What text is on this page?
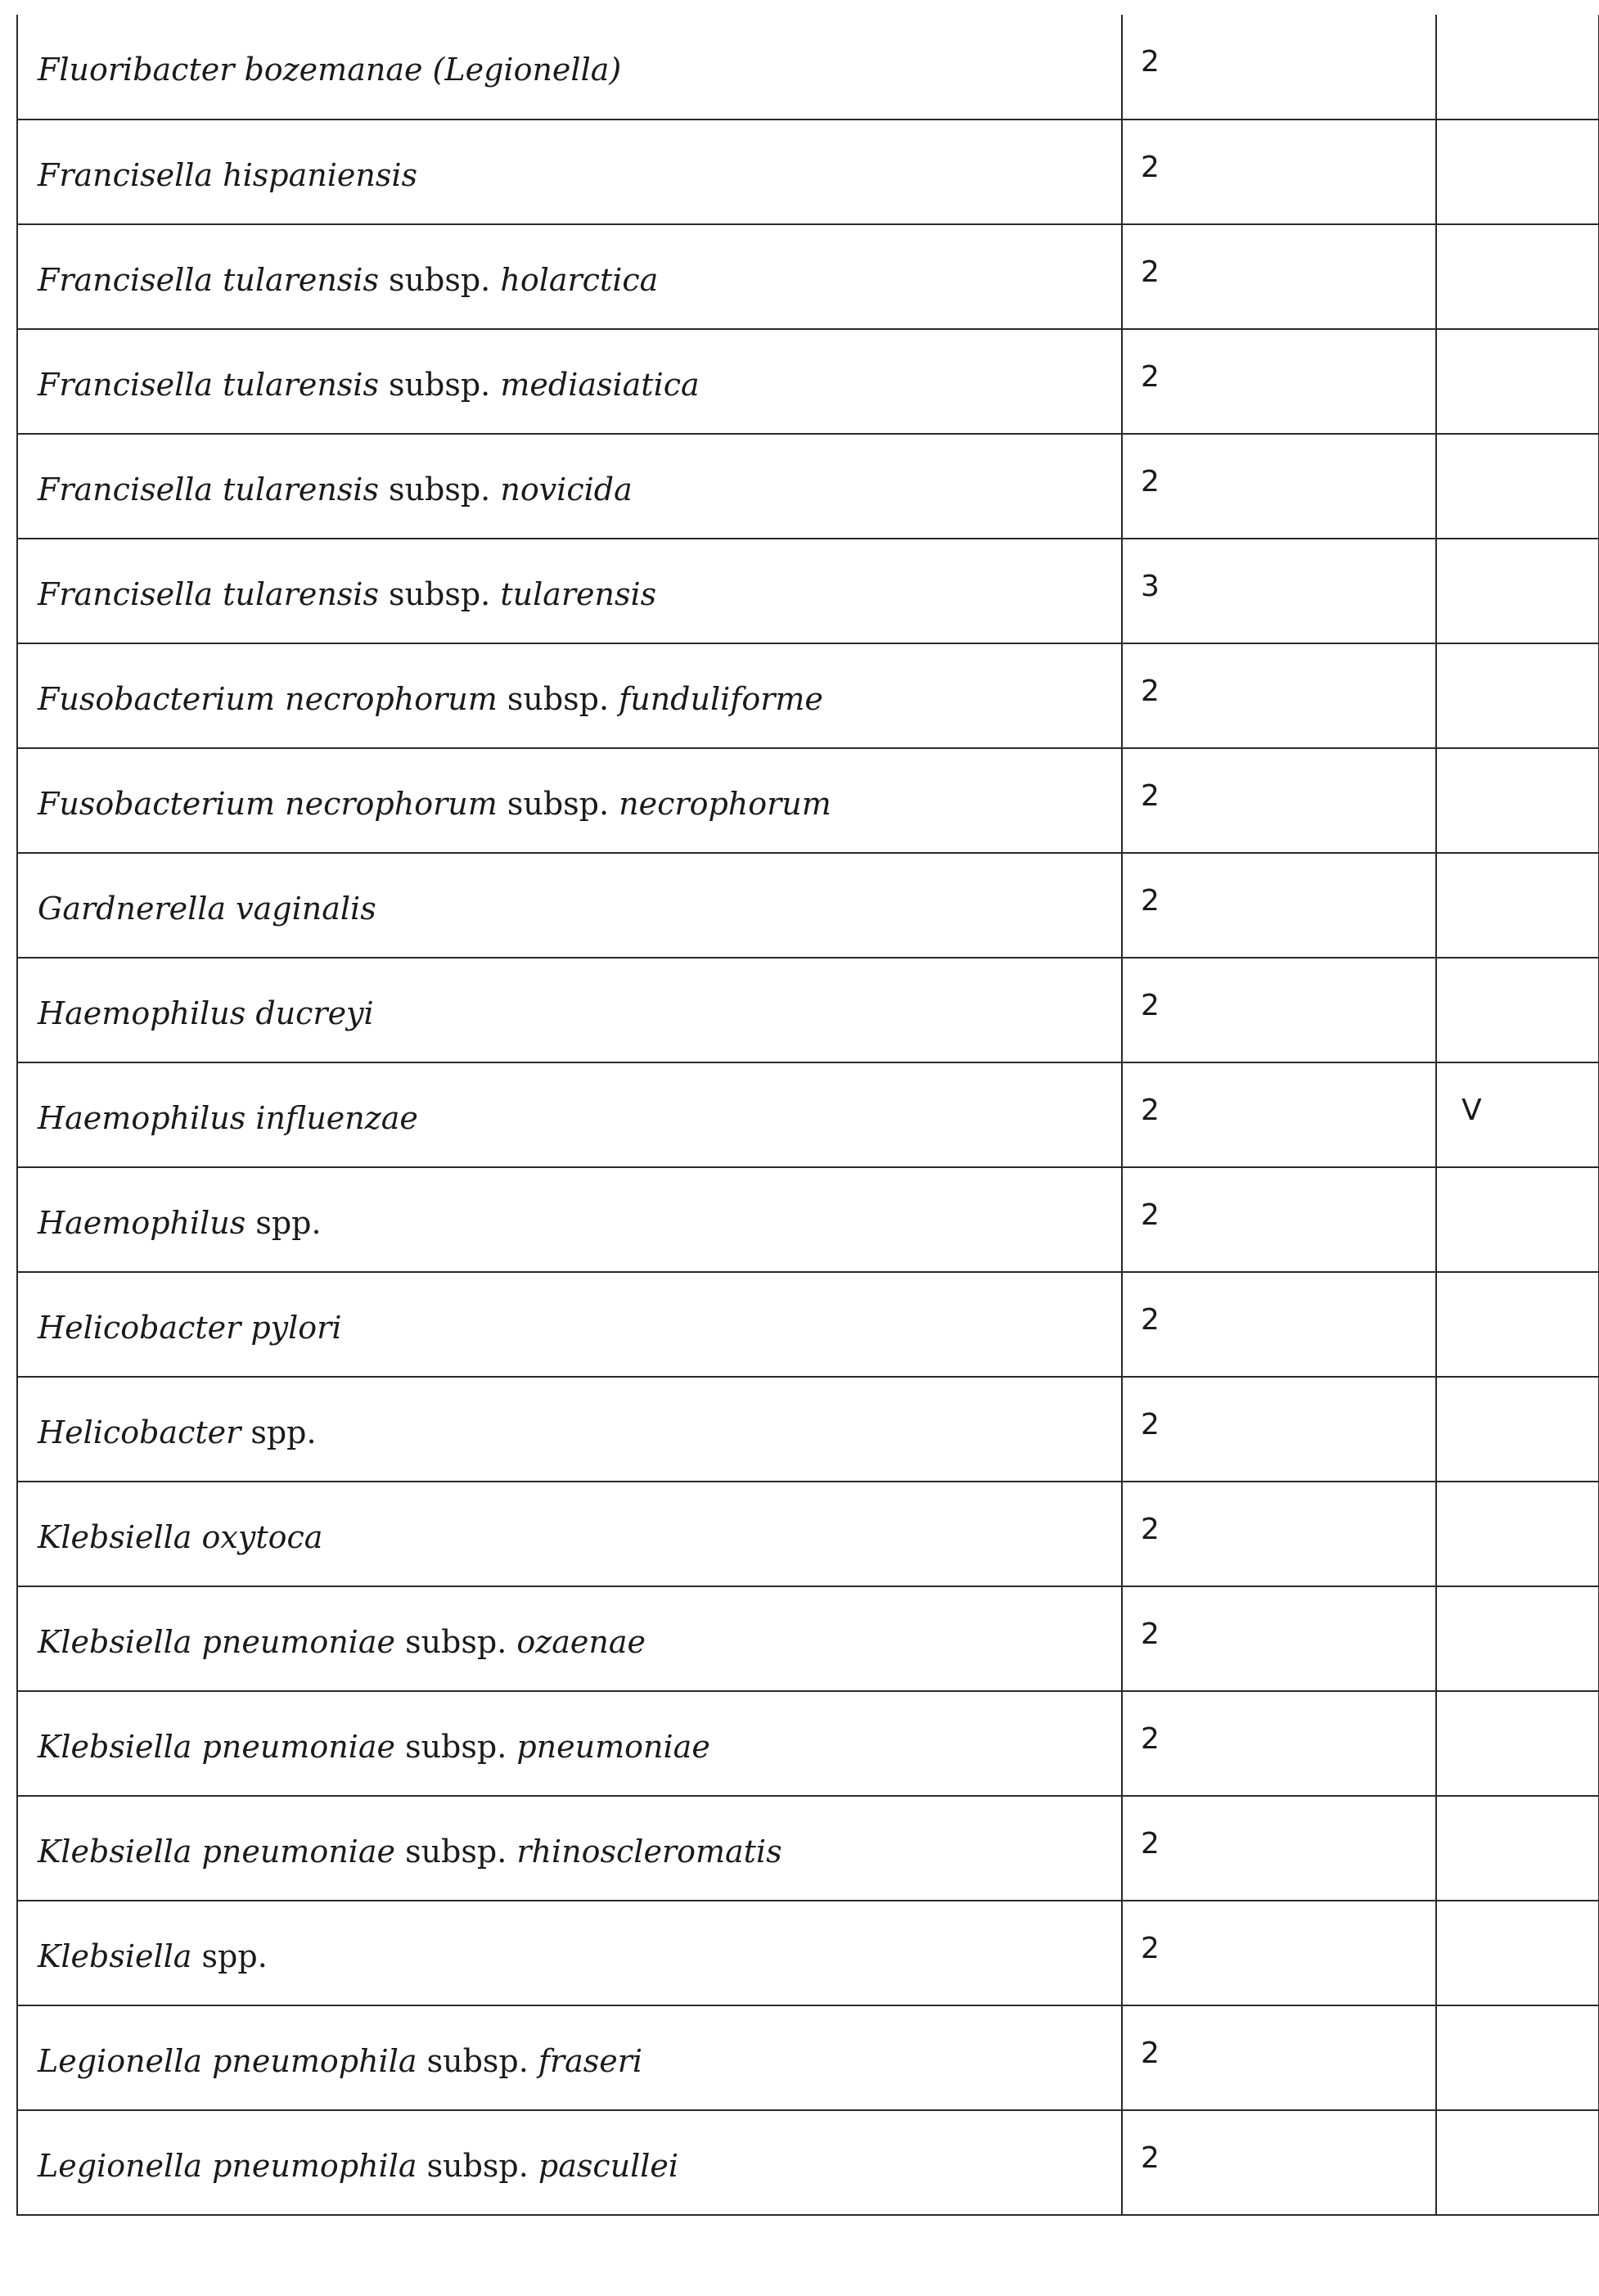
Fluoribacter bozemanae (Legionella)	2	
Francisella hispaniensis	2	
Francisella tularensis subsp. holarctica	2	
Francisella tularensis subsp. mediasiatica	2	
Francisella tularensis subsp. novicida	2	
Francisella tularensis subsp. tularensis	3	
Fusobacterium necrophorum subsp. funduliforme	2	
Fusobacterium necrophorum subsp. necrophorum	2	
Gardnerella vaginalis	2	
Haemophilus ducreyi	2	
Haemophilus influenzae	2	V
Haemophilus spp.	2	
Helicobacter pylori	2	
Helicobacter spp.	2	
Klebsiella oxytoca	2	
Klebsiella pneumoniae subsp. ozaenae	2	
Klebsiella pneumoniae subsp. pneumoniae	2	
Klebsiella pneumoniae subsp. rhinoscleromatis	2	
Klebsiella spp.	2	
Legionella pneumophila subsp. fraseri	2	
Legionella pneumophila subsp. pascullei	2	
